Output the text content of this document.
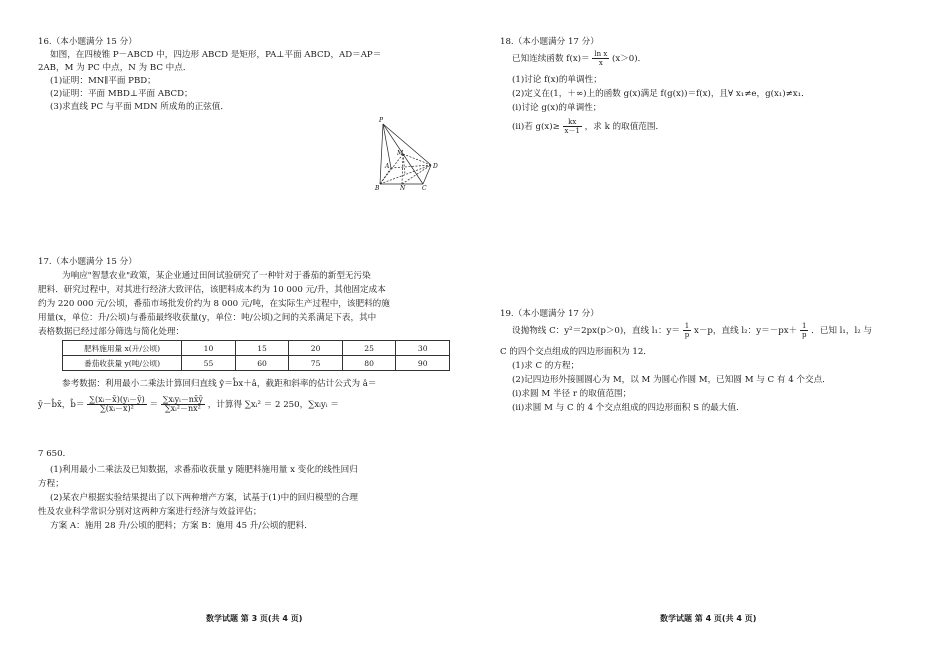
16.（本小题满分 15 分）
如图，在四棱锥 P－ABCD 中，四边形 ABCD 是矩形，PA⊥平面 ABCD，AD＝AP＝
2AB，M 为 PC 中点，N 为 BC 中点．
(1)证明：MN∥平面 PBD；
(2)证明：平面 MBD⊥平面 ABCD；
(3)求直线 PC 与平面 MDN 所成角的正弦值．
P
A
M
D
B	N	C
17.（本小题满分 15 分）
为响应"智慧农业"政策，某企业通过田间试验研究了一种针对于番茄的新型无污染
肥料．研究过程中，对其进行经济大致评估，该肥料成本约为 10 000 元/升，其他固定成本
约为 220 000 元/公顷，番茄市场批发价约为 8 000 元/吨，在实际生产过程中，该肥料的施
用量(x，单位：升/公顷)与番茄最终收获量(y，单位：吨/公顷)之间的关系满足下表，其中
表格数据已经过部分筛选与简化处理：
肥料施用量 x(升/公顷)	10	15	20	25	30
番茄收获量 y(吨/公顷)	55	60	75	80	90
参考数据：利用最小二乘法计算回归直线 ŷ＝b̂x＋â，截距和斜率的估计公式为 â＝
ȳ－b̂x̄，b̂＝ $\frac{\text{∑(xᵢ－x̄)(yᵢ－ȳ)}}{\text{∑(xᵢ－x̄)²}} = \frac{\text{∑xᵢyᵢ－nx̄ȳ}}{\text{∑xᵢ²－nx̄²}}$ ，计算得 ∑xᵢ² ＝ 2 250，∑xᵢyᵢ ＝
7 650．
(1)利用最小二乘法及已知数据，求番茄收获量 y 随肥料施用量 x 变化的线性回归
方程；
(2)某农户根据实验结果提出了以下两种增产方案，试基于(1)中的回归模型的合理
性及农业科学常识分别对这两种方案进行经济与效益评估；
方案 A：施用 28 升/公顷的肥料；方案 B：施用 45 升/公顷的肥料．
数学试题 第 3 页(共 4 页)
18.（本小题满分 17 分）
已知连续函数 $f(x)= \frac{\text{ln x}}{x} (x>0)$．
(1)讨论 f(x)的单调性；
(2)定义在(1，＋∞)上的函数 g(x)满足 f(g(x))＝f(x)，且∀ x₁≠e，g(x₁)≠x₁．
(ⅰ)讨论 g(x)的单调性；
(ⅱ)若 $g(x)\ge \frac{kx}{x-1}$ ，求 k 的取值范围．
19.（本小题满分 17 分）
设抛物线 C：y²＝2px(p＞0)，直线 l₁：$y= \frac{1}{p} x-p$，直线 l₂：$y=-px+ \frac{1}{p}$ ．已知 l₁，l₂ 与
C 的四个交点组成的四边形面积为 12．
(1)求 C 的方程；
(2)记四边形外接圆圆心为 M，以 M 为圆心作圆 M，已知圆 M 与 C 有 4 个交点．
(ⅰ)求圆 M 半径 r 的取值范围；
(ⅱ)求圆 M 与 C 的 4 个交点组成的四边形面积 S 的最大值．
数学试题 第 4 页(共 4 页)
